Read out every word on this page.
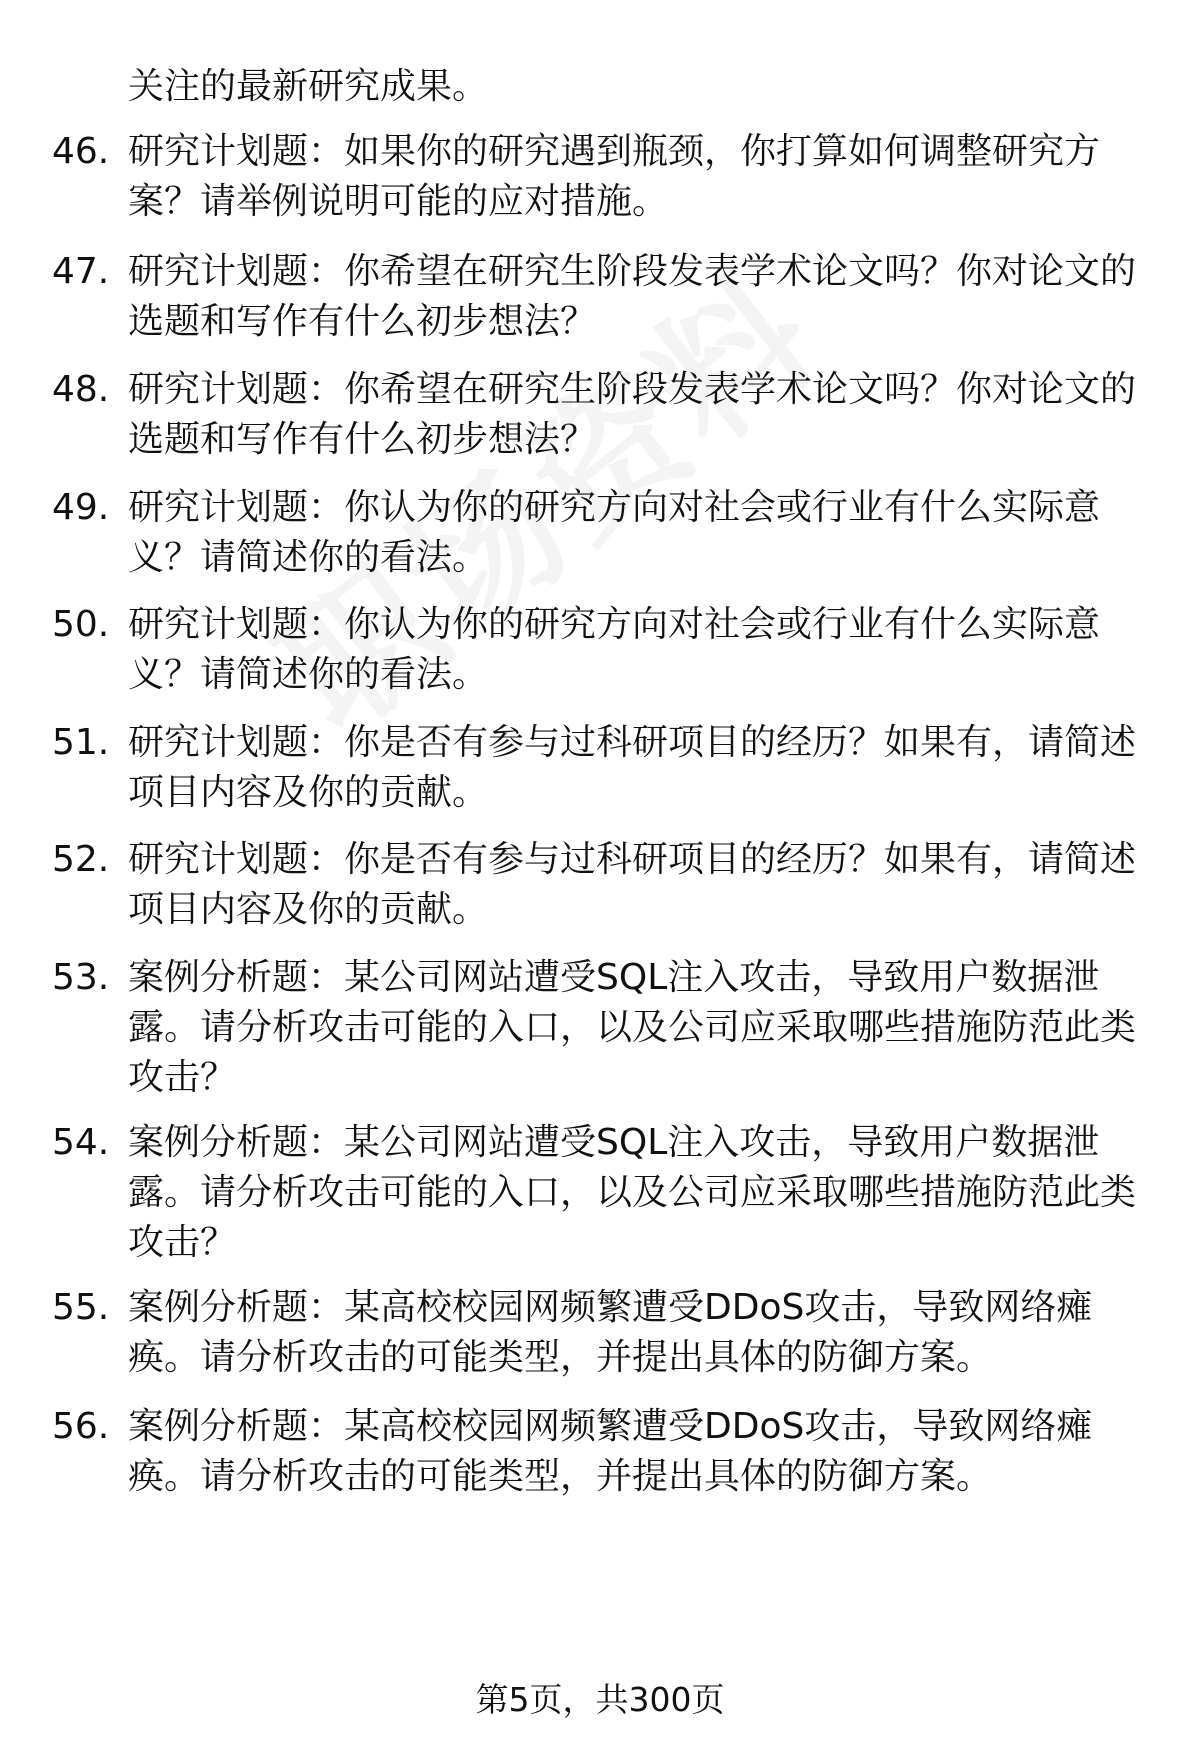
关注的最新研究成果。

46. 研究计划题：如果你的研究遇到瓶颈，你打算如何调整研究方案？请举例说明可能的应对措施。
47. 研究计划题：你希望在研究生阶段发表学术论文吗？你对论文的选题和写作有什么初步想法？
48. 研究计划题：你希望在研究生阶段发表学术论文吗？你对论文的选题和写作有什么初步想法？
49. 研究计划题：你认为你的研究方向对社会或行业有什么实际意义？请简述你的看法。
50. 研究计划题：你认为你的研究方向对社会或行业有什么实际意义？请简述你的看法。
51. 研究计划题：你是否有参与过科研项目的经历？如果有，请简述项目内容及你的贡献。
52. 研究计划题：你是否有参与过科研项目的经历？如果有，请简述项目内容及你的贡献。
53. 案例分析题：某公司网站遭受SQL注入攻击，导致用户数据泄露。请分析攻击可能的入口，以及公司应采取哪些措施防范此类攻击？
54. 案例分析题：某公司网站遭受SQL注入攻击，导致用户数据泄露。请分析攻击可能的入口，以及公司应采取哪些措施防范此类攻击？
55. 案例分析题：某高校校园网频繁遭受DDoS攻击，导致网络瘫痪。请分析攻击的可能类型，并提出具体的防御方案。
56. 案例分析题：某高校校园网频繁遭受DDoS攻击，导致网络瘫痪。请分析攻击的可能类型，并提出具体的防御方案。
第5页，共300页
